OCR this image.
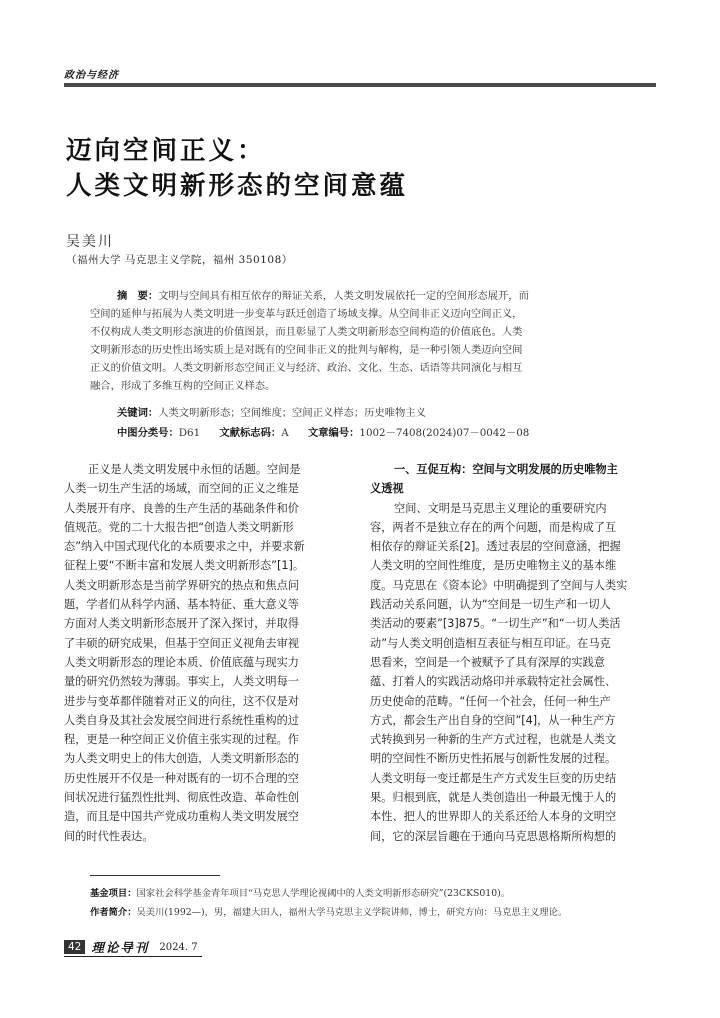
政治与经济
迈向空间正义：
人类文明新形态的空间意蕴
吴美川
（福州大学 马克思主义学院，福州 350108）
摘　要：文明与空间具有相互依存的辩证关系，人类文明发展依托一定的空间形态展开，而
空间的延伸与拓展为人类文明进一步变革与跃迁创造了场域支撑。从空间非正义迈向空间正义，
不仅构成人类文明形态演进的价值图景，而且彰显了人类文明新形态空间构造的价值底色。人类
文明新形态的历史性出场实质上是对既有的空间非正义的批判与解构，是一种引领人类迈向空间
正义的价值文明。人类文明新形态空间正义与经济、政治、文化、生态、话语等共同演化与相互
融合，形成了多维互构的空间正义样态。
关键词：人类文明新形态；空间维度；空间正义样态；历史唯物主义
中图分类号：D61 文献标志码：A 文章编号：1002－7408(2024)07－0042－08
正义是人类文明发展中永恒的话题。空间是
人类一切生产生活的场域，而空间的正义之维是
人类展开有序、良善的生产生活的基础条件和价
值规范。党的二十大报告把“创造人类文明新形
态”纳入中国式现代化的本质要求之中，并要求新
征程上要“不断丰富和发展人类文明新形态”[1]。
人类文明新形态是当前学界研究的热点和焦点问
题，学者们从科学内涵、基本特征、重大意义等
方面对人类文明新形态展开了深入探讨，并取得
了丰硕的研究成果，但基于空间正义视角去审视
人类文明新形态的理论本质、价值底蕴与现实力
量的研究仍然较为薄弱。事实上，人类文明每一
进步与变革都伴随着对正义的向往，这不仅是对
人类自身及其社会发展空间进行系统性重构的过
程，更是一种空间正义价值主张实现的过程。作
为人类文明史上的伟大创造，人类文明新形态的
历史性展开不仅是一种对既有的一切不合理的空
间状况进行猛烈性批判、彻底性改造、革命性创
造，而且是中国共产党成功重构人类文明发展空
间的时代性表达。
一、互促互构：空间与文明发展的历史唯物主
义透视
空间、文明是马克思主义理论的重要研究内
容，两者不是独立存在的两个问题，而是构成了互
相依存的辩证关系[2]。透过表层的空间意涵，把握
人类文明的空间性维度，是历史唯物主义的基本维
度。马克思在《资本论》中明确提到了空间与人类实
践活动关系问题，认为“空间是一切生产和一切人
类活动的要素”[3]875。“一切生产”和“一切人类活
动”与人类文明创造相互表征与相互印证。在马克
思看来，空间是一个被赋予了具有深厚的实践意
蕴、打着人的实践活动烙印并承载特定社会属性、
历史使命的范畴。“任何一个社会，任何一种生产
方式，都会生产出自身的空间”[4]，从一种生产方
式转换到另一种新的生产方式过程，也就是人类文
明的空间性不断历史性拓展与创新性发展的过程。
人类文明每一变迁都是生产方式发生巨变的历史结
果。归根到底，就是人类创造出一种最无愧于人的
本性、把人的世界即人的关系还给人本身的文明空
间，它的深层旨趣在于通向马克思恩格斯所构想的
基金项目：国家社会科学基金青年项目“马克思人学理论视阈中的人类文明新形态研究”(23CKS010)。
作者简介：吴美川(1992—)，男，福建大田人，福州大学马克思主义学院讲师，博士，研究方向：马克思主义理论。
42 理论导刊 2024. 7
